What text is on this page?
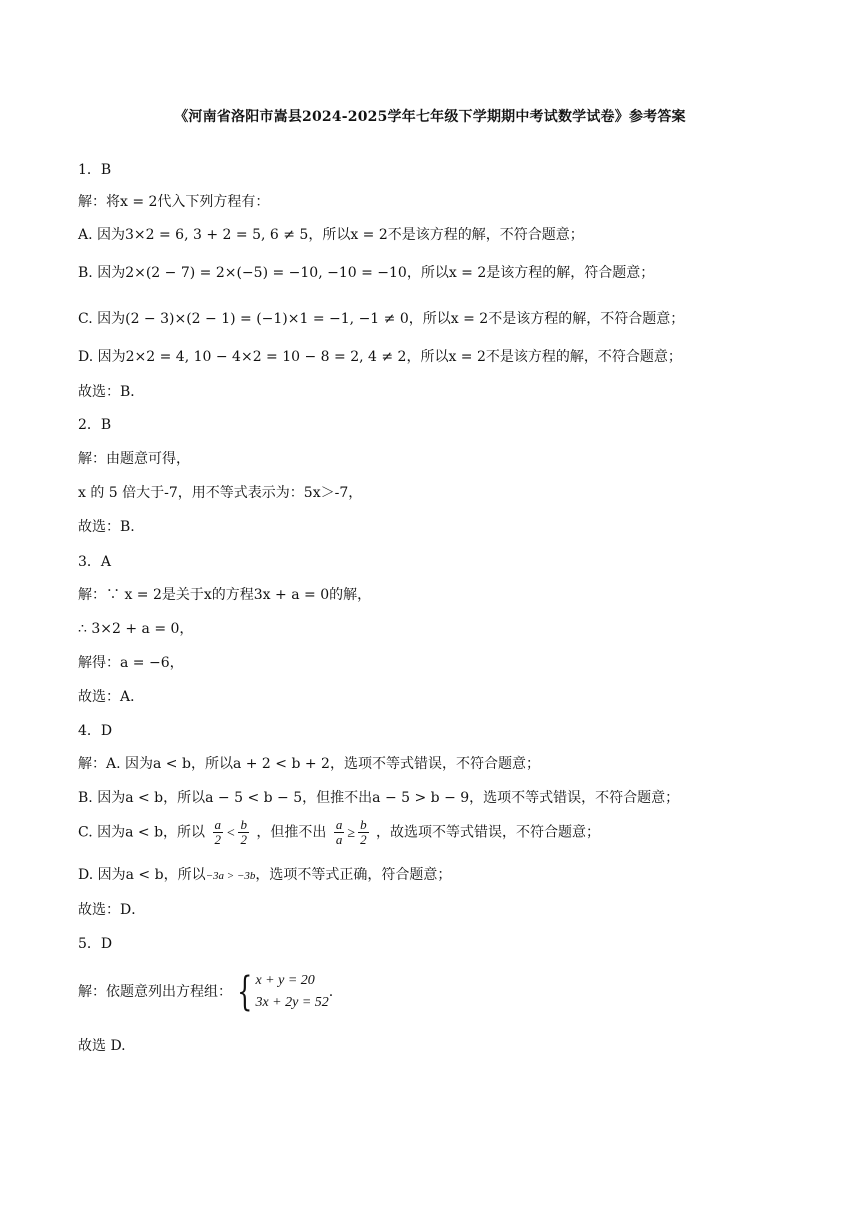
《河南省洛阳市嵩县2024-2025学年七年级下学期期中考试数学试卷》参考答案
1．B
解：将x = 2代入下列方程有：
A. 因为3×2 = 6, 3 + 2 = 5, 6 ≠ 5，所以x = 2不是该方程的解，不符合题意；
B. 因为2×(2 − 7) = 2×(−5) = −10, −10 = −10，所以x = 2是该方程的解，符合题意；
C. 因为(2 − 3)×(2 − 1) = (−1)×1 = −1, −1 ≠ 0，所以x = 2不是该方程的解，不符合题意；
D. 因为2×2 = 4, 10 − 4×2 = 10 − 8 = 2, 4 ≠ 2，所以x = 2不是该方程的解，不符合题意；
故选：B．
2．B
解：由题意可得，
x 的 5 倍大于-7，用不等式表示为：5x＞-7，
故选：B.
3．A
解：∵ x = 2是关于x的方程3x + a = 0的解，
∴ 3×2 + a = 0，
解得：a = −6，
故选：A．
4．D
解：A. 因为a < b，所以a + 2 < b + 2，选项不等式错误，不符合题意；
B. 因为a < b，所以a − 5 < b − 5，但推不出a − 5 > b − 9，选项不等式错误，不符合题意；
C. 因为a < b，所以 $\frac{a}{2} < \frac{b}{2}$ ，但推不出 $\frac{a}{a} \ge \frac{b}{2}$ ，故选项不等式错误，不符合题意；
D. 因为a < b，所以−3a > −3b，选项不等式正确，符合题意；
故选：D．
5．D
解：依题意列出方程组： { x + y = 20
3x + 2y = 52
.
故选 D.
